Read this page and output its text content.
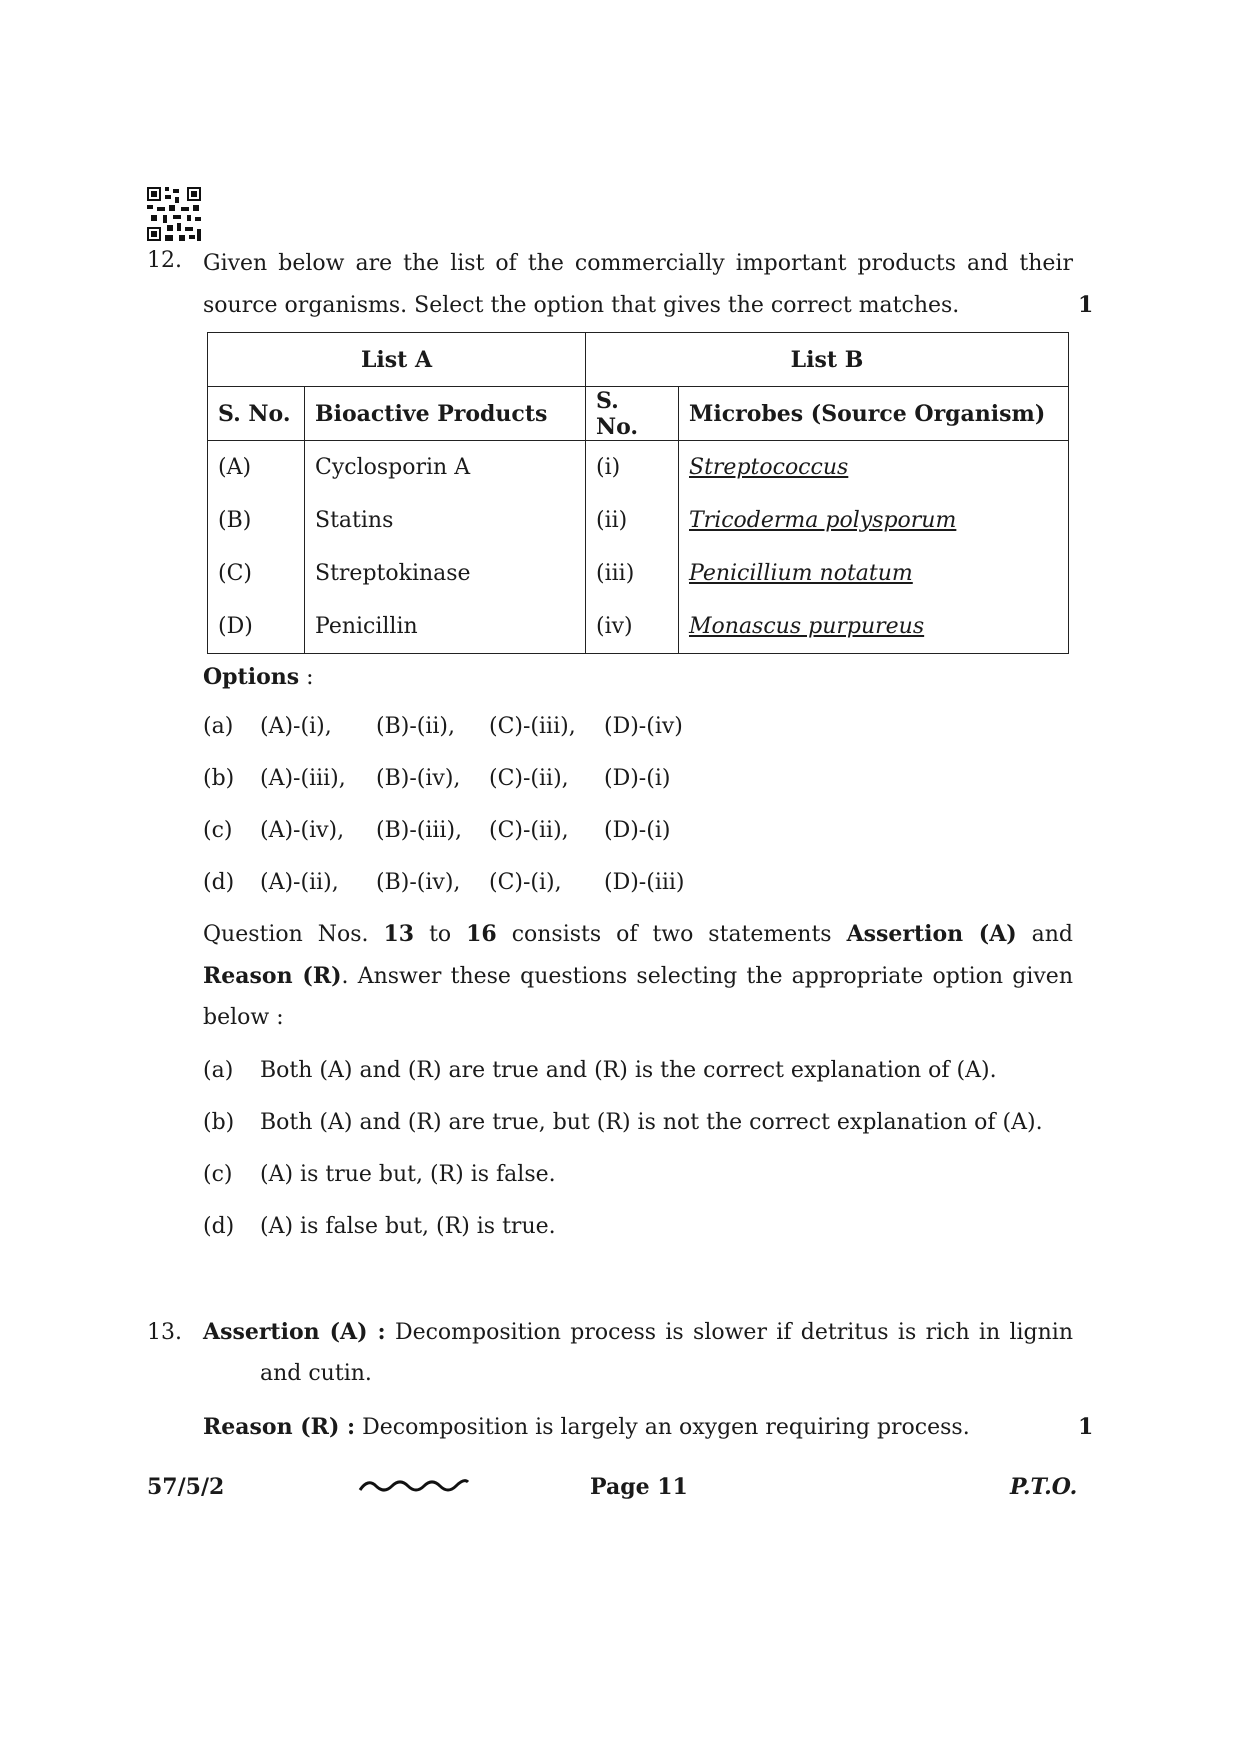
12. Given below are the list of the commercially important products and their
source organisms. Select the option that gives the correct matches.	1
List A		List B	
S. No.	Bioactive Products	S. No.	Microbes (Source Organism)
(A)	Cyclosporin A	(i)	Streptococcus
(B)	Statins	(ii)	Tricoderma polysporum
(C)	Streptokinase	(iii)	Penicillium notatum
(D)	Penicillin	(iv)	Monascus purpureus
Options :
(a) (A)-(i), (B)-(ii), (C)-(iii), (D)-(iv)
(b) (A)-(iii), (B)-(iv), (C)-(ii), (D)-(i)
(c) (A)-(iv), (B)-(iii), (C)-(ii), (D)-(i)
(d) (A)-(ii), (B)-(iv), (C)-(i), (D)-(iii)
Question Nos. 13 to 16 consists of two statements Assertion (A) and
Reason (R). Answer these questions selecting the appropriate option given
below :
(a) Both (A) and (R) are true and (R) is the correct explanation of (A).
(b) Both (A) and (R) are true, but (R) is not the correct explanation of (A).
(c) (A) is true but, (R) is false.
(d) (A) is false but, (R) is true.
13. Assertion (A) : Decomposition process is slower if detritus is rich in lignin
and cutin.
Reason (R) : Decomposition is largely an oxygen requiring process.	1
57/5/2	Page 11	P.T.O.
